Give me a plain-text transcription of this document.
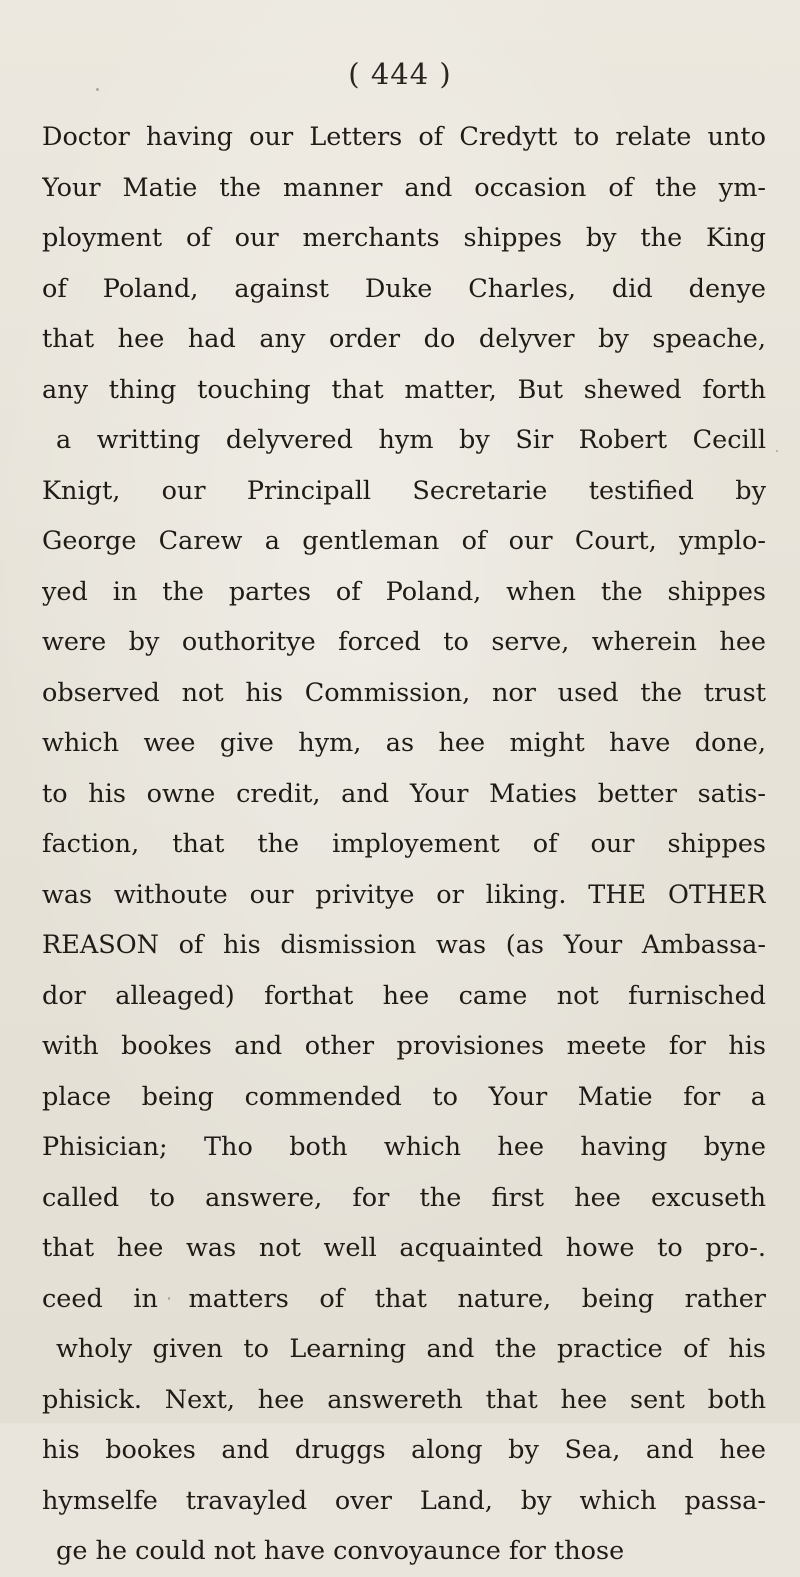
( 444 )
Doctor having our Letters of Credytt to relate unto
Your Matie the manner and occasion of the ym-
ployment of our merchants shippes by the King
of Poland, against Duke Charles, did denye
that hee had any order do delyver by speache,
any thing touching that matter, But shewed forth
a writting delyvered hym by Sir Robert Cecill
Knigt, our Principall Secretarie testified by
George Carew a gentleman of our Court, ymplo-
yed in the partes of Poland, when the shippes
were by outhoritye forced to serve, wherein hee
observed not his Commission, nor used the trust
which wee give hym, as hee might have done,
to his owne credit, and Your Maties better satis-
faction, that the imployement of our shippes
was withoute our privitye or liking. THE OTHER
REASON of his dismission was (as Your Ambassa-
dor alleaged) forthat hee came not furnisched
with bookes and other provisiones meete for his
place being commended to Your Matie for a
Phisician; Tho both which hee having byne
called to answere, for the first hee excuseth
that hee was not well acquainted howe to pro-.
ceed in matters of that nature, being rather
wholy given to Learning and the practice of his
phisick. Next, hee answereth that hee sent both
his bookes and druggs along by Sea, and hee
hymselfe travayled over Land, by which passa-
ge he could not have convoyaunce for those
